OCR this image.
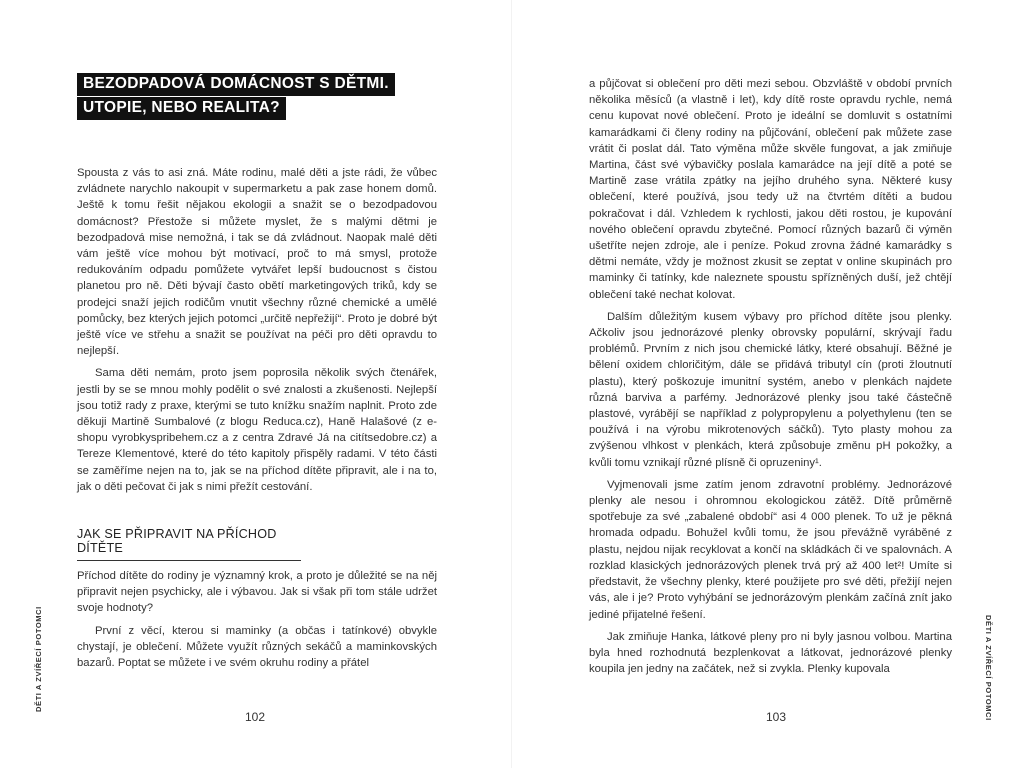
BEZODPADOVÁ DOMÁCNOST S DĚTMI.
UTOPIE, NEBO REALITA?

Spousta z vás to asi zná. Máte rodinu, malé děti a jste rádi, že vůbec zvládnete narychlo nakoupit v supermarketu a pak zase honem domů. Ještě k tomu řešit nějakou ekologii a snažit se o bezodpadovou domácnost? Přestože si můžete myslet, že s malými dětmi je bezodpadová mise nemožná, i tak se dá zvládnout. Naopak malé děti vám ještě více mohou být motivací, proč to má smysl, protože redukováním odpadu pomůžete vytvářet lepší budoucnost s čistou planetou pro ně. Děti bývají často obětí marketingových triků, kdy se prodejci snaží jejich rodičům vnutit všechny různé chemické a umělé pomůcky, bez kterých jejich potomci „určitě nepřežijí“. Proto je dobré být ještě více ve střehu a snažit se používat na péči pro děti opravdu to nejlepší.

Sama děti nemám, proto jsem poprosila několik svých čtenářek, jestli by se se mnou mohly podělit o své znalosti a zkušenosti. Nejlepší jsou totiž rady z praxe, kterými se tuto knížku snažím naplnit. Proto zde děkuji Martině Sumbalové (z blogu Reduca.cz), Haně Halašové (z e-shopu vyrobkyspribehem.cz a z centra Zdravé Já na citítsedobre.cz) a Tereze Klementové, které do této kapitoly přispěly radami. V této části se zaměříme nejen na to, jak se na příchod dítěte připravit, ale i na to, jak o děti pečovat či jak s nimi přežít cestování.

JAK SE PŘIPRAVIT NA PŘÍCHOD DÍTĚTE

Příchod dítěte do rodiny je významný krok, a proto je důležité se na něj připravit nejen psychicky, ale i výbavou. Jak si však při tom stále udržet svoje hodnoty?

První z věcí, kterou si maminky (a občas i tatínkové) obvykle chystají, je oblečení. Můžete využít různých sekáčů a maminkovských bazarů. Poptat se můžete i ve svém okruhu rodiny a přátel

102
DĚTI A ZVÍŘECÍ POTOMCI

a půjčovat si oblečení pro děti mezi sebou. Obzvláště v období prvních několika měsíců (a vlastně i let), kdy dítě roste opravdu rychle, nemá cenu kupovat nové oblečení. Proto je ideální se domluvit s ostatními kamarádkami či členy rodiny na půjčování, oblečení pak můžete zase vrátit či poslat dál. Tato výměna může skvěle fungovat, a jak zmiňuje Martina, část své výbavičky poslala kamarádce na její dítě a poté se Martině zase vrátila zpátky na jejího druhého syna. Některé kusy oblečení, které používá, jsou tedy už na čtvrtém dítěti a budou pokračovat i dál. Vzhledem k rychlosti, jakou děti rostou, je kupování nového oblečení opravdu zbytečné. Pomocí různých bazarů či výměn ušetříte nejen zdroje, ale i peníze. Pokud zrovna žádné kamarádky s dětmi nemáte, vždy je možnost zkusit se zeptat v online skupinách pro maminky či tatínky, kde naleznete spoustu spřízněných duší, jež chtějí oblečení také nechat kolovat.

Dalším důležitým kusem výbavy pro příchod dítěte jsou plenky. Ačkoliv jsou jednorázové plenky obrovsky populární, skrývají řadu problémů. Prvním z nich jsou chemické látky, které obsahují. Běžné je bělení oxidem chloričitým, dále se přidává tributyl cín (proti žloutnutí plastu), který poškozuje imunitní systém, anebo v plenkách najdete různá barviva a parfémy. Jednorázové plenky jsou také částečně plastové, vyrábějí se například z polypropylenu a polyethylenu (ten se používá i na výrobu mikrotenových sáčků). Tyto plasty mohou za zvýšenou vlhkost v plenkách, která způsobuje změnu pH pokožky, a kvůli tomu vznikají různé plísně či opruzeniny¹.

Vyjmenovali jsme zatím jenom zdravotní problémy. Jednorázové plenky ale nesou i ohromnou ekologickou zátěž. Dítě průměrně spotřebuje za své „zabalené období“ asi 4 000 plenek. To už je pěkná hromada odpadu. Bohužel kvůli tomu, že jsou převážně vyráběné z plastu, nejdou nijak recyklovat a končí na skládkách či ve spalovnách. A rozklad klasických jednorázových plenek trvá prý až 400 let²! Umíte si představit, že všechny plenky, které použijete pro své děti, přežijí nejen vás, ale i je? Proto vyhýbání se jednorázovým plenkám začíná znít jako jediné přijatelné řešení.

Jak zmiňuje Hanka, látkové pleny pro ni byly jasnou volbou. Martina byla hned rozhodnutá bezplenkovat a látkovat, jednorázové plenky koupila jen jedny na začátek, než si zvykla. Plenky kupovala

103	DĚTI A ZVÍŘECÍ POTOMCI
